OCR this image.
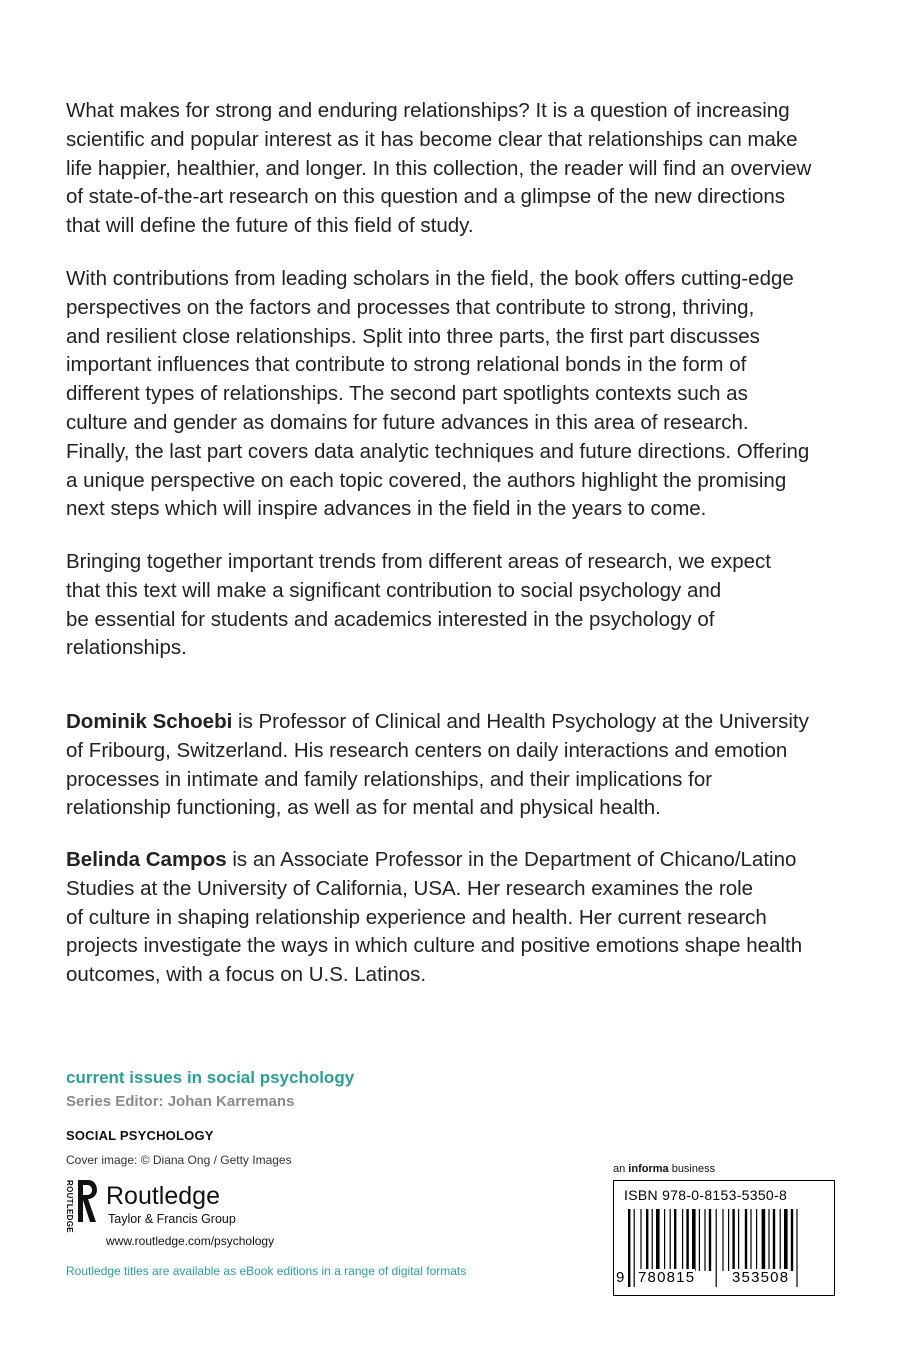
What makes for strong and enduring relationships? It is a question of increasing
scientific and popular interest as it has become clear that relationships can make
life happier, healthier, and longer. In this collection, the reader will find an overview
of state-of-the-art research on this question and a glimpse of the new directions
that will define the future of this field of study.

With contributions from leading scholars in the field, the book offers cutting-edge
perspectives on the factors and processes that contribute to strong, thriving,
and resilient close relationships. Split into three parts, the first part discusses
important influences that contribute to strong relational bonds in the form of
different types of relationships. The second part spotlights contexts such as
culture and gender as domains for future advances in this area of research.
Finally, the last part covers data analytic techniques and future directions. Offering
a unique perspective on each topic covered, the authors highlight the promising
next steps which will inspire advances in the field in the years to come.

Bringing together important trends from different areas of research, we expect
that this text will make a significant contribution to social psychology and
be essential for students and academics interested in the psychology of
relationships.

Dominik Schoebi is Professor of Clinical and Health Psychology at the University
of Fribourg, Switzerland. His research centers on daily interactions and emotion
processes in intimate and family relationships, and their implications for
relationship functioning, as well as for mental and physical health.

Belinda Campos is an Associate Professor in the Department of Chicano/Latino
Studies at the University of California, USA. Her research examines the role
of culture in shaping relationship experience and health. Her current research
projects investigate the ways in which culture and positive emotions shape health
outcomes, with a focus on U.S. Latinos.

current issues in social psychology
Series Editor: Johan Karremans
SOCIAL PSYCHOLOGY
Cover image: © Diana Ong / Getty Images
ROUTLEDGE Routledge
Taylor & Francis Group
www.routledge.com/psychology
Routledge titles are available as eBook editions in a range of digital formats
an informa business
ISBN 978-0-8153-5350-8
9 780815 353508
